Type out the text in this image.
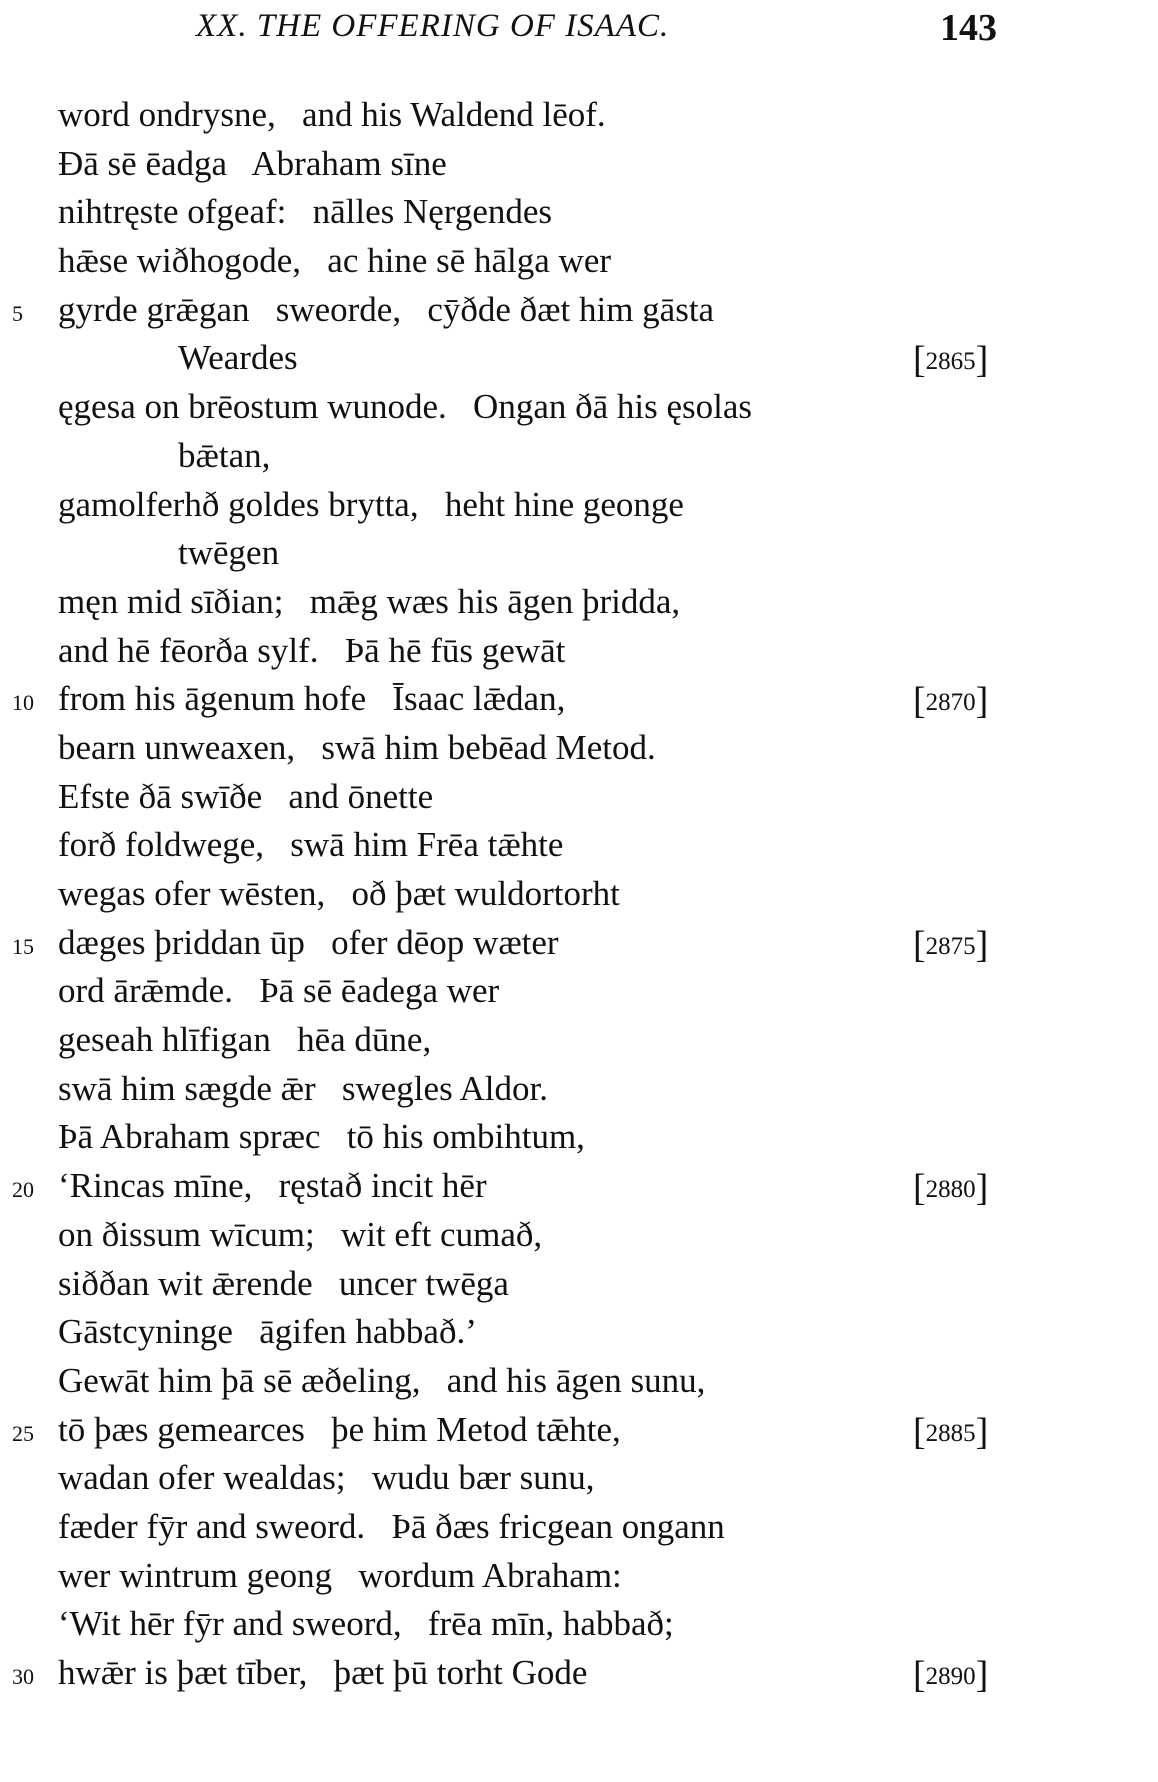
XX. THE OFFERING OF ISAAC.	143
word ondrysne,   and his Waldend lēof.
Ðā sē ēadga   Abraham sīne
nihtręste ofgeaf:   nālles Nęrgendes
hǣse wiðhogode,   ac hine sē hālga wer
5	gyrde grǣgan   sweorde,   cȳðde ðæt him gāsta
Weardes	[2865]
ęgesa on brēostum wunode.   Ongan ðā his ęsolas
bǣtan,
gamolferhð goldes brytta,   heht hine geonge
twēgen
męn mid sīðian;   mǣg wæs his āgen þridda,
and hē fēorða sylf.   Þā hē fūs gewāt
10 from his āgenum hofe   Īsaac lǣdan,	[2870]
bearn unweaxen,   swā him bebēad Metod.
Efste ðā swīðe   and ōnette
forð foldwege,   swā him Frēa tǣhte
wegas ofer wēsten,   oð þæt wuldortorht
15 dæges þriddan ūp   ofer dēop wæter	[2875]
ord ārǣmde.   Þā sē ēadega wer
geseah hlīfigan   hēa dūne,
swā him sægde ǣr   swegles Aldor.
Þā Abraham spræc   tō his ombihtum,
20 ‘Rincas mīne,   ręstað incit hēr	[2880]
on ðissum wīcum;   wit eft cumað,
siððan wit ǣrende   uncer twēga
Gāstcyninge   āgifen habbað.’
Gewāt him þā sē æðeling,   and his āgen sunu,
25 tō þæs gemearces   þe him Metod tǣhte,	[2885]
wadan ofer wealdas;   wudu bær sunu,
fæder fȳr and sweord.   Þā ðæs fricgean ongann
wer wintrum geong   wordum Abraham:
‘Wit hēr fȳr and sweord,   frēa mīn, habbað;
30 hwǣr is þæt tīber,   þæt þū torht Gode	[2890]
